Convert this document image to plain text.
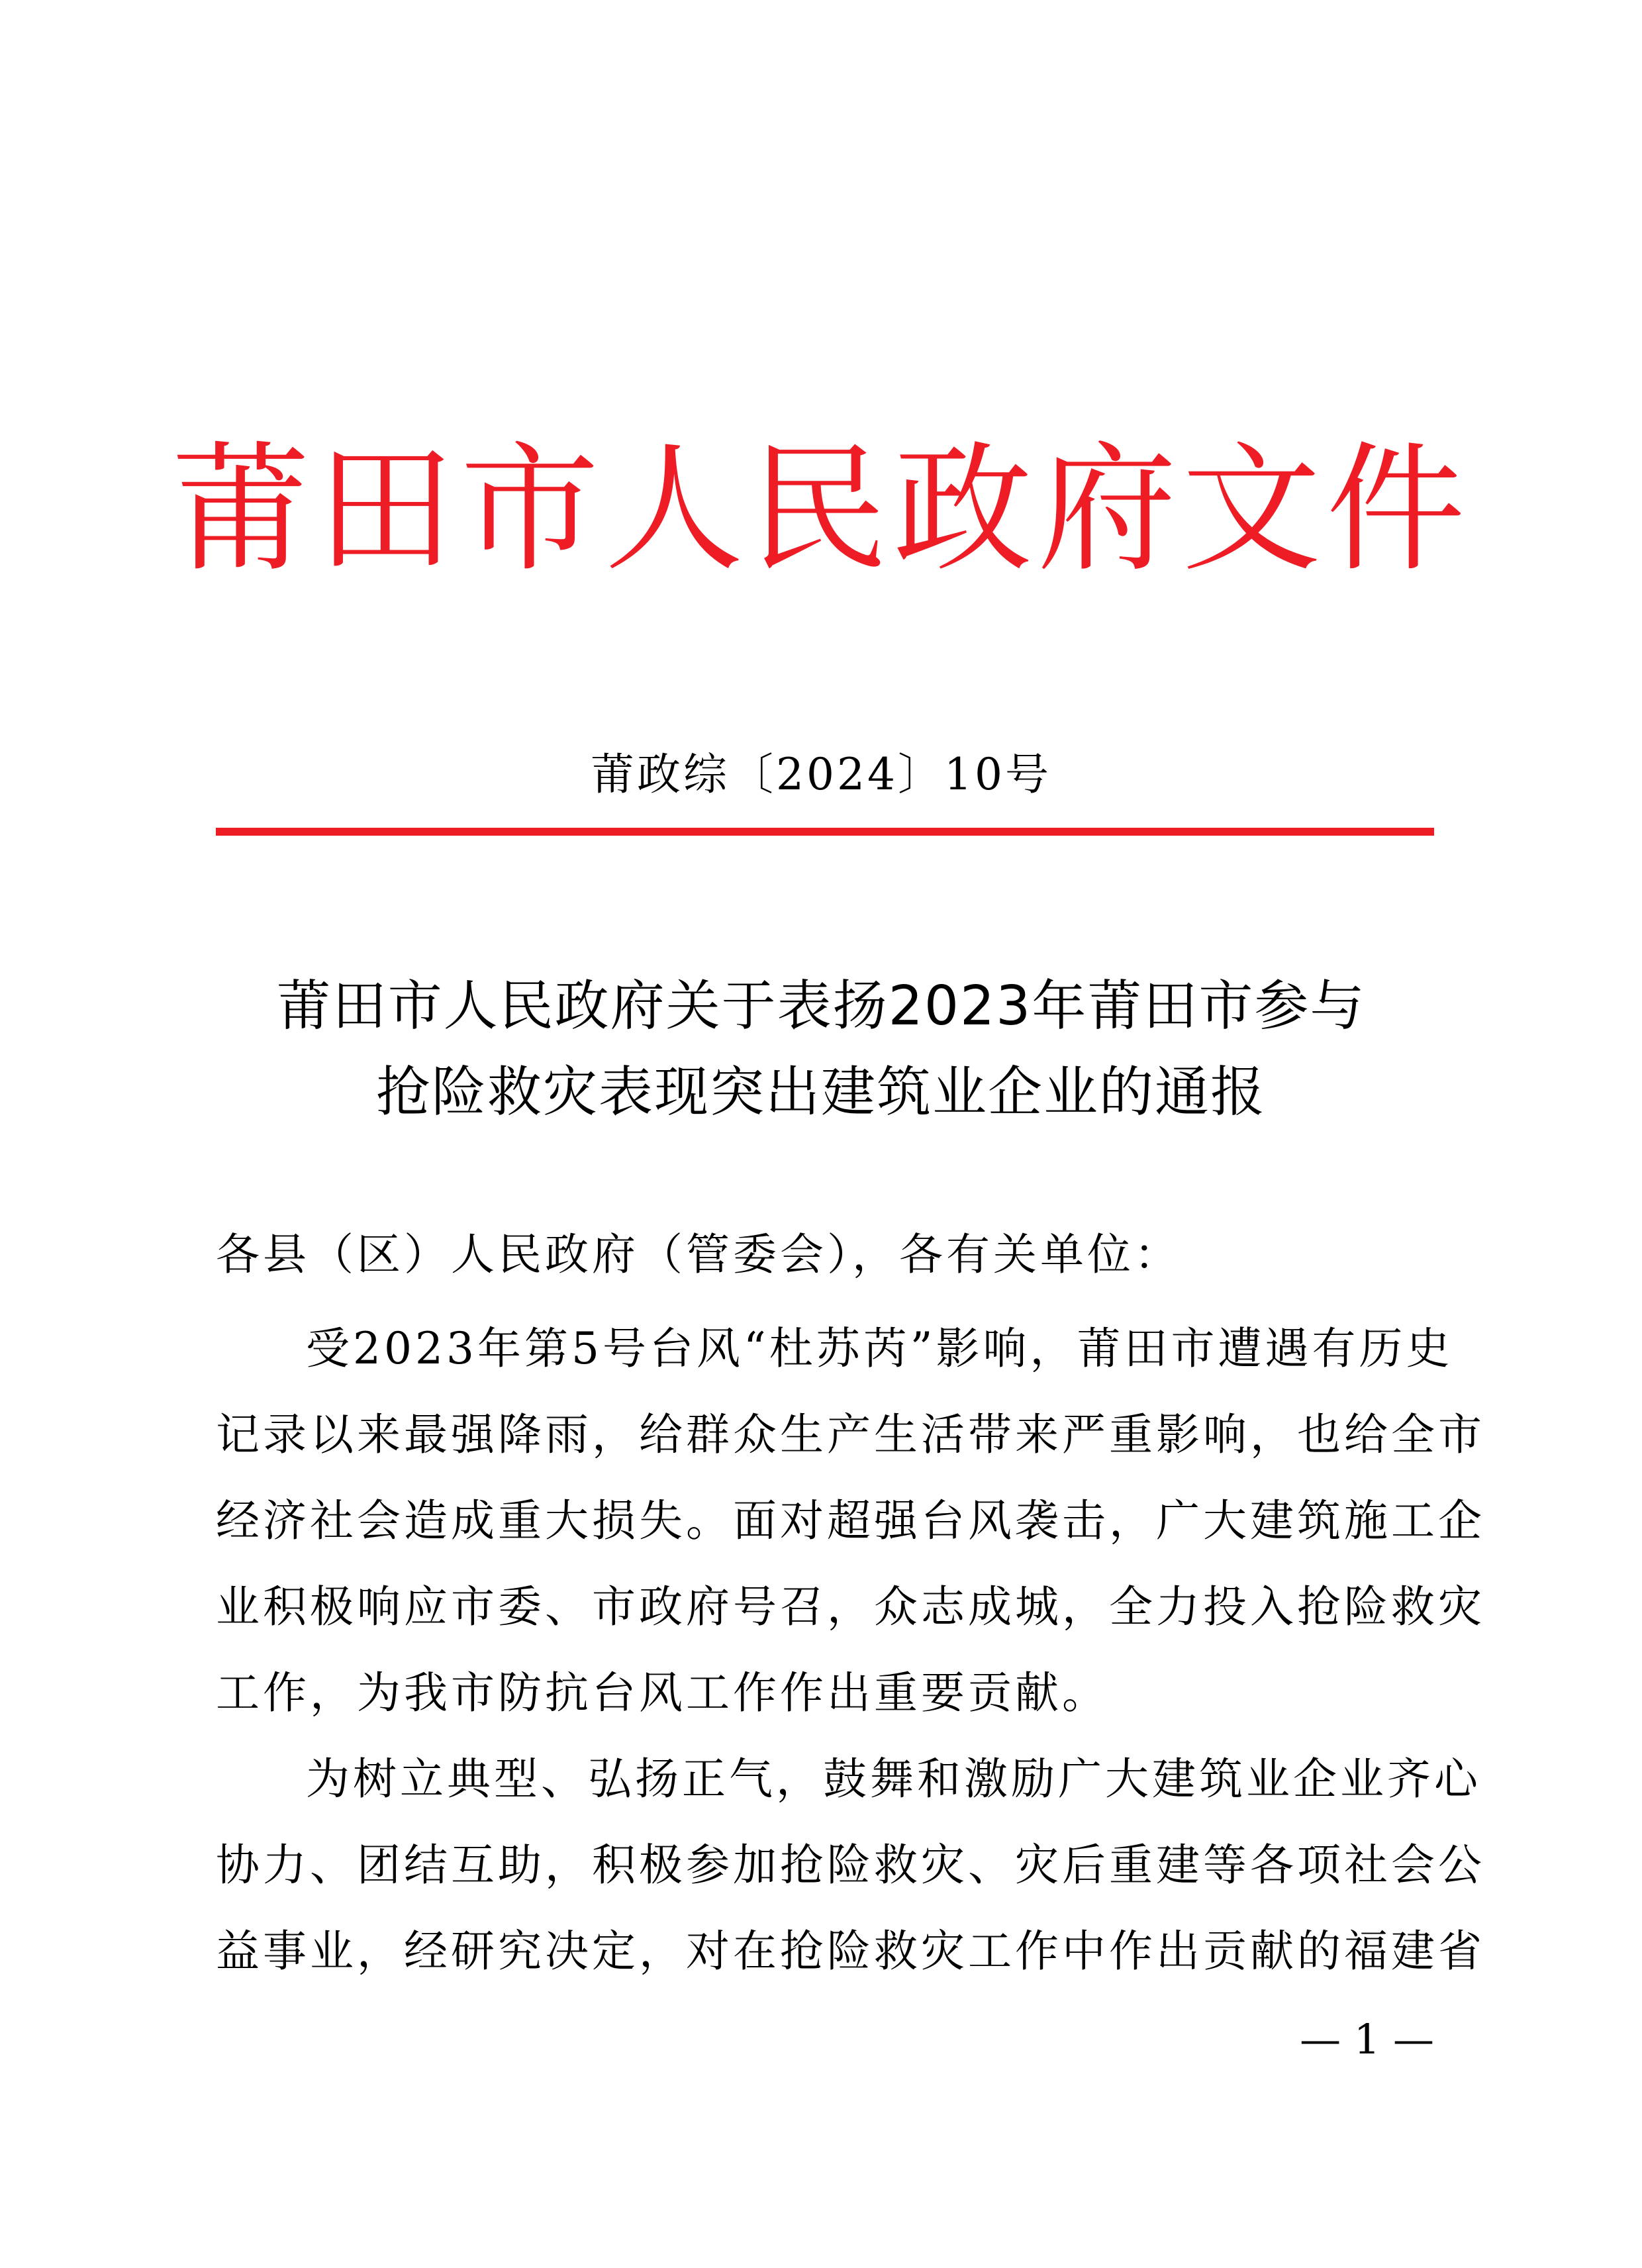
莆田市人民政府文件
莆政综〔2024〕10号
莆田市人民政府关于表扬2023年莆田市参与
抢险救灾表现突出建筑业企业的通报
各县（区）人民政府（管委会），各有关单位：
受2023年第5号台风“杜苏芮”影响，莆田市遭遇有历史
记录以来最强降雨，给群众生产生活带来严重影响，也给全市
经济社会造成重大损失。面对超强台风袭击，广大建筑施工企
业积极响应市委、市政府号召，众志成城，全力投入抢险救灾
工作，为我市防抗台风工作作出重要贡献。
为树立典型、弘扬正气，鼓舞和激励广大建筑业企业齐心
协力、团结互助，积极参加抢险救灾、灾后重建等各项社会公
益事业，经研究决定，对在抢险救灾工作中作出贡献的福建省
— 1 —
